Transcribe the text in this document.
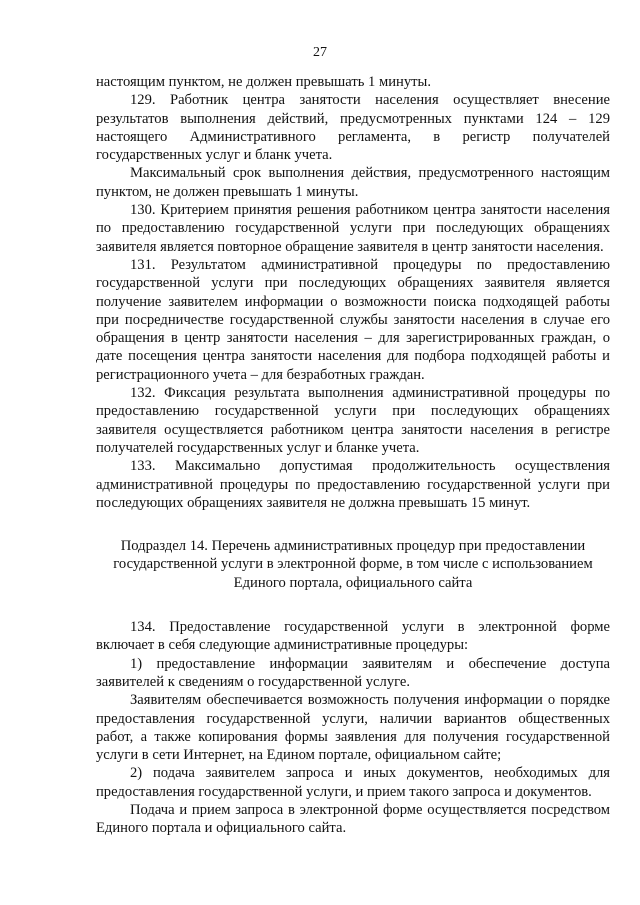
27

настоящим пунктом, не должен превышать 1 минуты.

129. Работник центра занятости населения осуществляет внесение результатов выполнения действий, предусмотренных пунктами 124 – 129 настоящего Административного регламента, в регистр получателей государственных услуг и бланк учета.

Максимальный срок выполнения действия, предусмотренного настоящим пунктом, не должен превышать 1 минуты.

130. Критерием принятия решения работником центра занятости населения по предоставлению государственной услуги при последующих обращениях заявителя является повторное обращение заявителя в центр занятости населения.

131. Результатом административной процедуры по предоставлению государственной услуги при последующих обращениях заявителя является получение заявителем информации о возможности поиска подходящей работы при посредничестве государственной службы занятости населения в случае его обращения в центр занятости населения – для зарегистрированных граждан, о дате посещения центра занятости населения для подбора подходящей работы и регистрационного учета – для безработных граждан.

132. Фиксация результата выполнения административной процедуры по предоставлению государственной услуги при последующих обращениях заявителя осуществляется работником центра занятости населения в регистре получателей государственных услуг и бланке учета.

133. Максимально допустимая продолжительность осуществления административной процедуры по предоставлению государственной услуги при последующих обращениях заявителя не должна превышать 15 минут.

Подраздел 14. Перечень административных процедур при предоставлении
государственной услуги в электронной форме, в том числе с использованием
Единого портала, официального сайта

134. Предоставление государственной услуги в электронной форме включает в себя следующие административные процедуры:

1) предоставление информации заявителям и обеспечение доступа заявителей к сведениям о государственной услуге.

Заявителям обеспечивается возможность получения информации о порядке предоставления государственной услуги, наличии вариантов общественных работ, а также копирования формы заявления для получения государственной услуги в сети Интернет, на Едином портале, официальном сайте;

2) подача заявителем запроса и иных документов, необходимых для предоставления государственной услуги, и прием такого запроса и документов.

Подача и прием запроса в электронной форме осуществляется посредством Единого портала и официального сайта.
